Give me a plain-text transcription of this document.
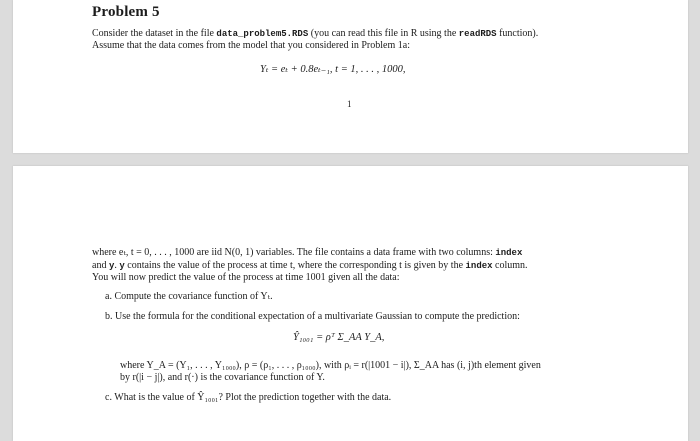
Problem 5
Consider the dataset in the file data_problem5.RDS (you can read this file in R using the readRDS function).
Assume that the data comes from the model that you considered in Problem 1a:
Yₜ = eₜ + 0.8eₜ₋₁, t = 1, . . . , 1000,
1
where eₜ, t = 0, . . . , 1000 are iid N(0, 1) variables. The file contains a data frame with two columns: index
and y. y contains the value of the process at time t, where the corresponding t is given by the index column.
You will now predict the value of the process at time 1001 given all the data:
a. Compute the covariance function of Yₜ.
b. Use the formula for the conditional expectation of a multivariate Gaussian to compute the prediction:
Ŷ₁₀₀₁ = ρᵀ Σ_AA Y_A,
where Y_A = (Y₁, . . . , Y₁₀₀₀), ρ = (ρ₁, . . . , ρ₁₀₀₀), with ρᵢ = r(|1001 − i|), Σ_AA has (i, j)th element given
by r(|i − j|), and r(·) is the covariance function of Y.
c. What is the value of Ŷ₁₀₀₁? Plot the prediction together with the data.
